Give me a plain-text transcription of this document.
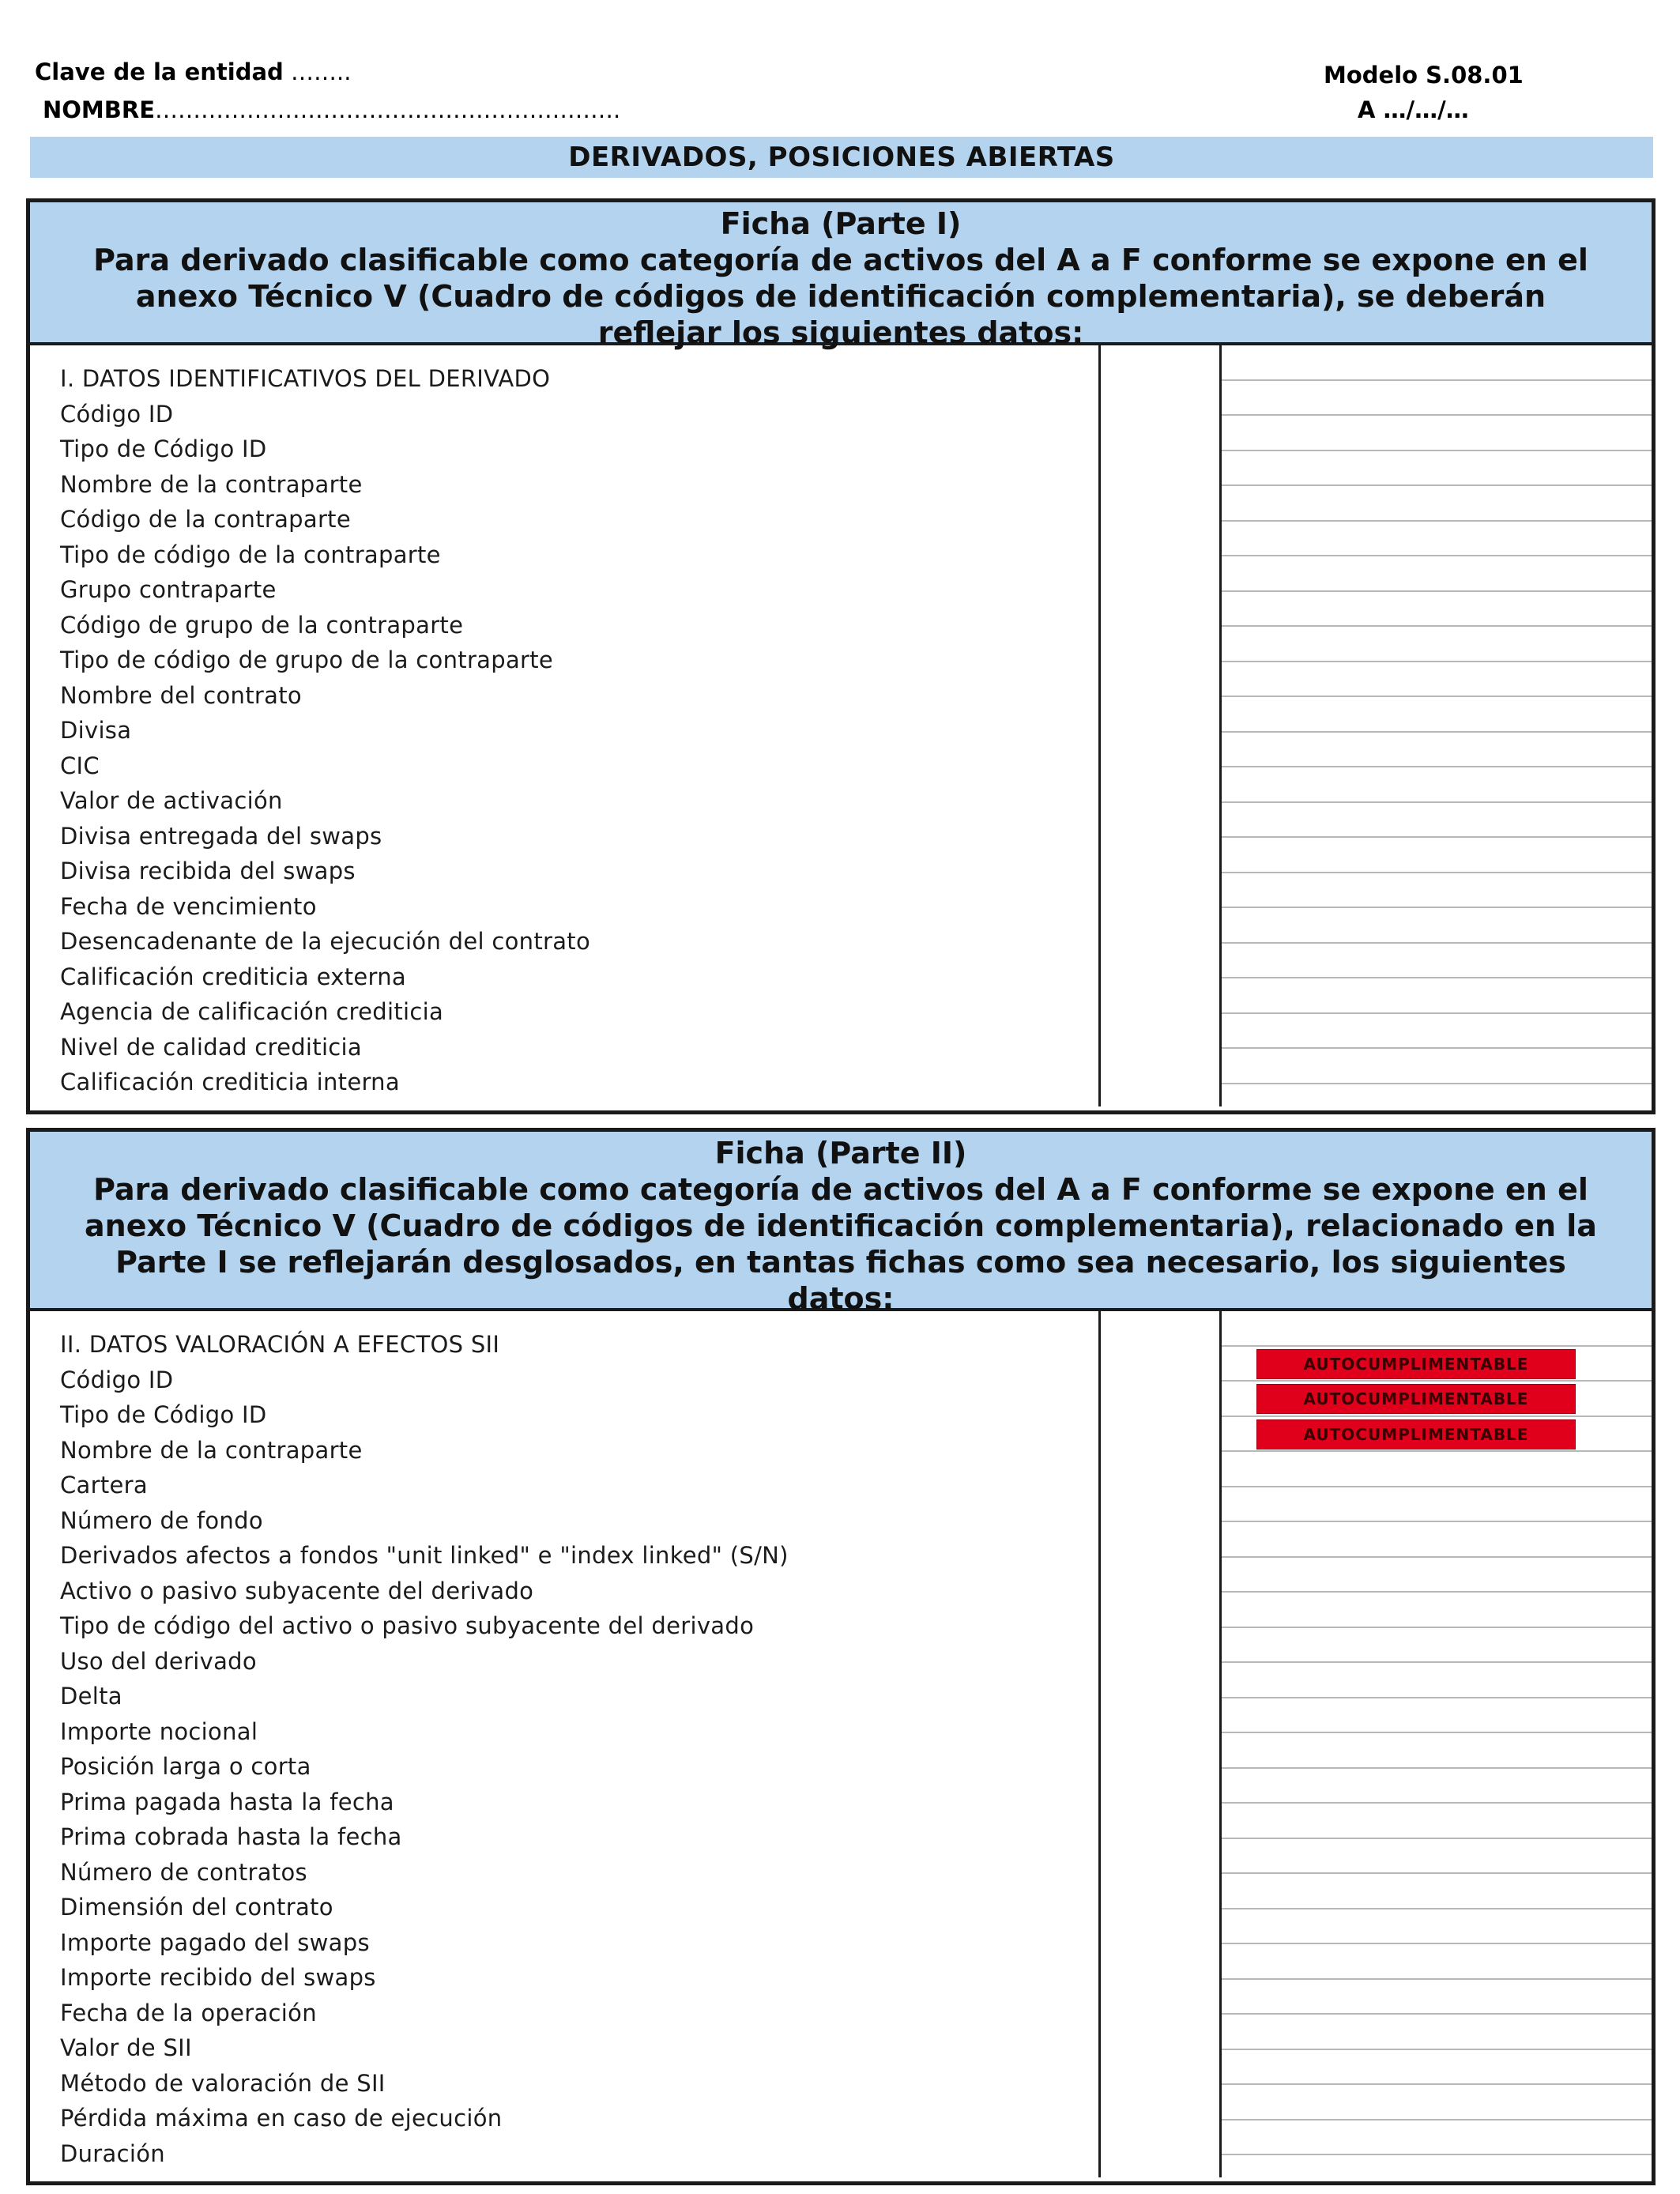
Clave de la entidad ……..
NOMBRE…………………………………………………….
Modelo S.08.01
A …/…/…
DERIVADOS, POSICIONES ABIERTAS
Ficha (Parte I)
Para derivado clasificable como categoría de activos del A a F conforme se expone en el
anexo Técnico V (Cuadro de códigos de identificación complementaria), se deberán
reflejar los siguientes datos:
I. DATOS IDENTIFICATIVOS DEL DERIVADO
Código ID
Tipo de Código ID
Nombre de la contraparte
Código de la contraparte
Tipo de código de la contraparte
Grupo contraparte
Código de grupo de la contraparte
Tipo de código de grupo de la contraparte
Nombre del contrato
Divisa
CIC
Valor de activación
Divisa entregada del swaps
Divisa recibida del swaps
Fecha de vencimiento
Desencadenante de la ejecución del contrato
Calificación crediticia externa
Agencia de calificación crediticia
Nivel de calidad crediticia
Calificación crediticia interna
Ficha (Parte II)
Para derivado clasificable como categoría de activos del A a F conforme se expone en el
anexo Técnico V (Cuadro de códigos de identificación complementaria), relacionado en la
Parte I se reflejarán desglosados, en tantas fichas como sea necesario, los siguientes
datos:
II. DATOS VALORACIÓN A EFECTOS SII
Código ID
Tipo de Código ID
Nombre de la contraparte
Cartera
Número de fondo
Derivados afectos a fondos "unit linked" e "index linked" (S/N)
Activo o pasivo subyacente del derivado
Tipo de código del activo o pasivo subyacente del derivado
Uso del derivado
Delta
Importe nocional
Posición larga o corta
Prima pagada hasta la fecha
Prima cobrada hasta la fecha
Número de contratos
Dimensión del contrato
Importe pagado del swaps
Importe recibido del swaps
Fecha de la operación
Valor de SII
Método de valoración de SII
Pérdida máxima en caso de ejecución
Duración
AUTOCUMPLIMENTABLE
AUTOCUMPLIMENTABLE
AUTOCUMPLIMENTABLE
